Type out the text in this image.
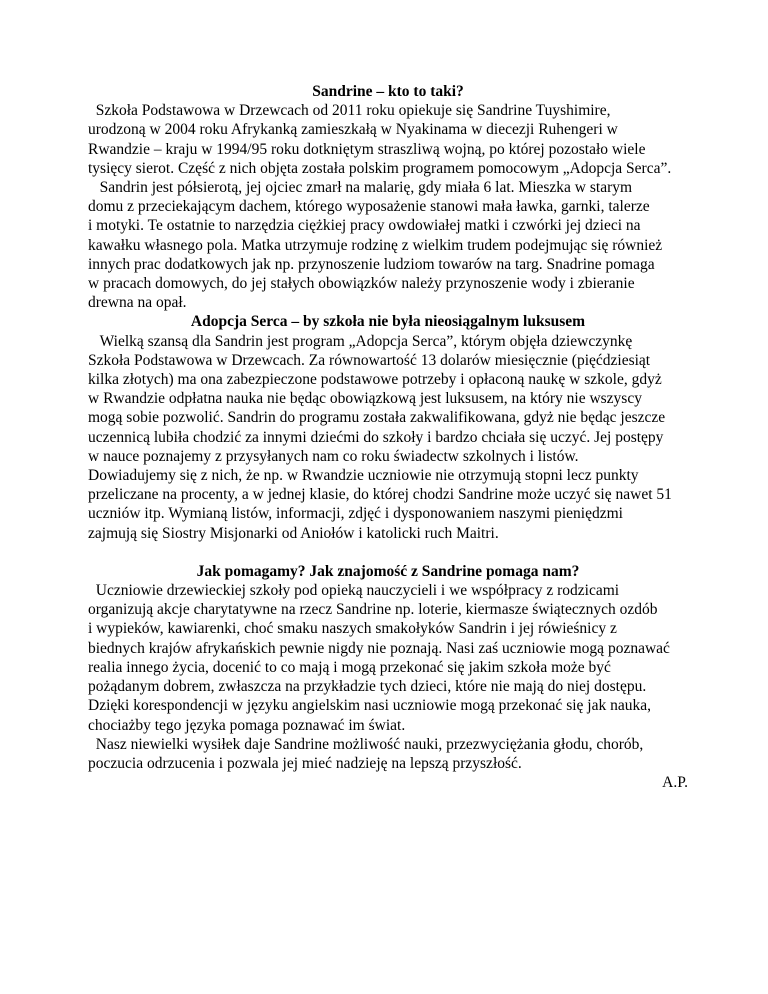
Sandrine – kto to taki?

Szkoła Podstawowa w Drzewcach od 2011 roku opiekuje się Sandrine Tuyshimire,
urodzoną w 2004 roku Afrykanką zamieszkałą w Nyakinama w diecezji Ruhengeri w
Rwandzie – kraju w 1994/95 roku dotkniętym straszliwą wojną, po której pozostało wiele
tysięcy sierot. Część z nich objęta została polskim programem pomocowym „Adopcja Serca”.

Sandrin jest półsierotą, jej ojciec zmarł na malarię, gdy miała 6 lat. Mieszka w starym
domu z przeciekającym dachem, którego wyposażenie stanowi mała ławka, garnki, talerze
i motyki. Te ostatnie to narzędzia ciężkiej pracy owdowiałej matki i czwórki jej dzieci na
kawałku własnego pola. Matka utrzymuje rodzinę z wielkim trudem podejmując się również
innych prac dodatkowych jak np. przynoszenie ludziom towarów na targ. Snadrine pomaga
w pracach domowych, do jej stałych obowiązków należy przynoszenie wody i zbieranie
drewna na opał.

Adopcja Serca – by szkoła nie była nieosiągalnym luksusem

Wielką szansą dla Sandrin jest program „Adopcja Serca”, którym objęła dziewczynkę
Szkoła Podstawowa w Drzewcach. Za równowartość 13 dolarów miesięcznie (pięćdziesiąt
kilka złotych) ma ona zabezpieczone podstawowe potrzeby i opłaconą naukę w szkole, gdyż
w Rwandzie odpłatna nauka nie będąc obowiązkową jest luksusem, na który nie wszyscy
mogą sobie pozwolić. Sandrin do programu została zakwalifikowana, gdyż nie będąc jeszcze
uczennicą lubiła chodzić za innymi dziećmi do szkoły i bardzo chciała się uczyć. Jej postępy
w nauce poznajemy z przysyłanych nam co roku świadectw szkolnych i listów.
Dowiadujemy się z nich, że np. w Rwandzie uczniowie nie otrzymują stopni lecz punkty
przeliczane na procenty, a w jednej klasie, do której chodzi Sandrine może uczyć się nawet 51
uczniów itp. Wymianą listów, informacji, zdjęć i dysponowaniem naszymi pieniędzmi
zajmują się Siostry Misjonarki od Aniołów i katolicki ruch Maitri.

Jak pomagamy? Jak znajomość z Sandrine pomaga nam?

Uczniowie drzewieckiej szkoły pod opieką nauczycieli i we współpracy z rodzicami
organizują akcje charytatywne na rzecz Sandrine np. loterie, kiermasze świątecznych ozdób
i wypieków, kawiarenki, choć smaku naszych smakołyków Sandrin i jej rówieśnicy z
biednych krajów afrykańskich pewnie nigdy nie poznają. Nasi zaś uczniowie mogą poznawać
realia innego życia, docenić to co mają i mogą przekonać się jakim szkoła może być
pożądanym dobrem, zwłaszcza na przykładzie tych dzieci, które nie mają do niej dostępu.
Dzięki korespondencji w języku angielskim nasi uczniowie mogą przekonać się jak nauka,
chociażby tego języka pomaga poznawać im świat.

Nasz niewielki wysiłek daje Sandrine możliwość nauki, przezwyciężania głodu, chorób,
poczucia odrzucenia i pozwala jej mieć nadzieję na lepszą przyszłość.

A.P.
